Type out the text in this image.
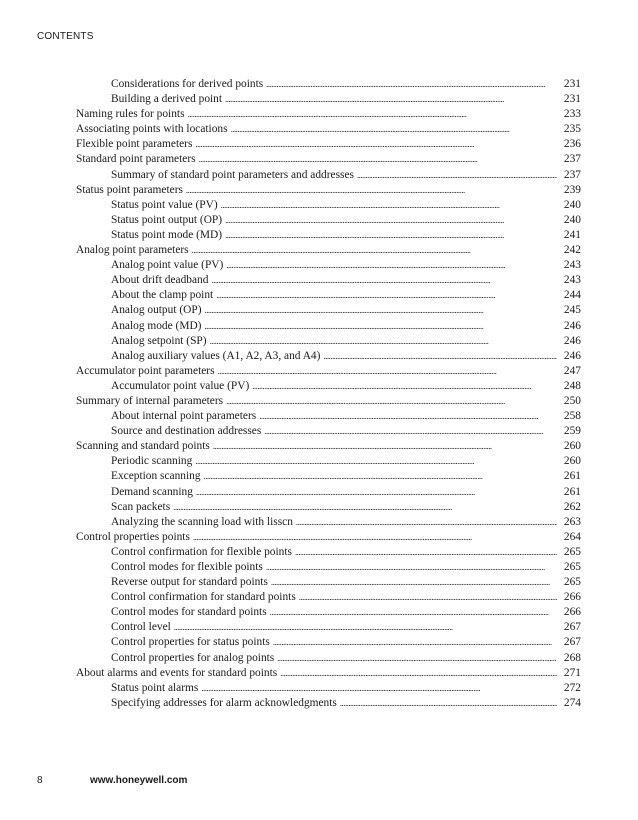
CONTENTS
Considerations for derived points . . .	231
Building a derived point . . .	231
Naming rules for points . . .	233
Associating points with locations . . .	235
Flexible point parameters . . .	236
Standard point parameters . . .	237
Summary of standard point parameters and addresses . . .	237
Status point parameters . . .	239
Status point value (PV) . . .	240
Status point output (OP) . . .	240
Status point mode (MD) . . .	241
Analog point parameters . . .	242
Analog point value (PV) . . .	243
About drift deadband . . .	243
About the clamp point . . .	244
Analog output (OP) . . .	245
Analog mode (MD) . . .	246
Analog setpoint (SP) . . .	246
Analog auxiliary values (A1, A2, A3, and A4) . . .	246
Accumulator point parameters . . .	247
Accumulator point value (PV) . . .	248
Summary of internal parameters . . .	250
About internal point parameters . . .	258
Source and destination addresses . . .	259
Scanning and standard points . . .	260
Periodic scanning . . .	260
Exception scanning . . .	261
Demand scanning . . .	261
Scan packets . . .	262
Analyzing the scanning load with lisscn . . .	263
Control properties points . . .	264
Control confirmation for flexible points . . .	265
Control modes for flexible points . . .	265
Reverse output for standard points . . .	265
Control confirmation for standard points . . .	266
Control modes for standard points . . .	266
Control level . . .	267
Control properties for status points . . .	267
Control properties for analog points . . .	268
About alarms and events for standard points . . .	271
Status point alarms . . .	272
Specifying addresses for alarm acknowledgments . . .	274
8	www.honeywell.com
